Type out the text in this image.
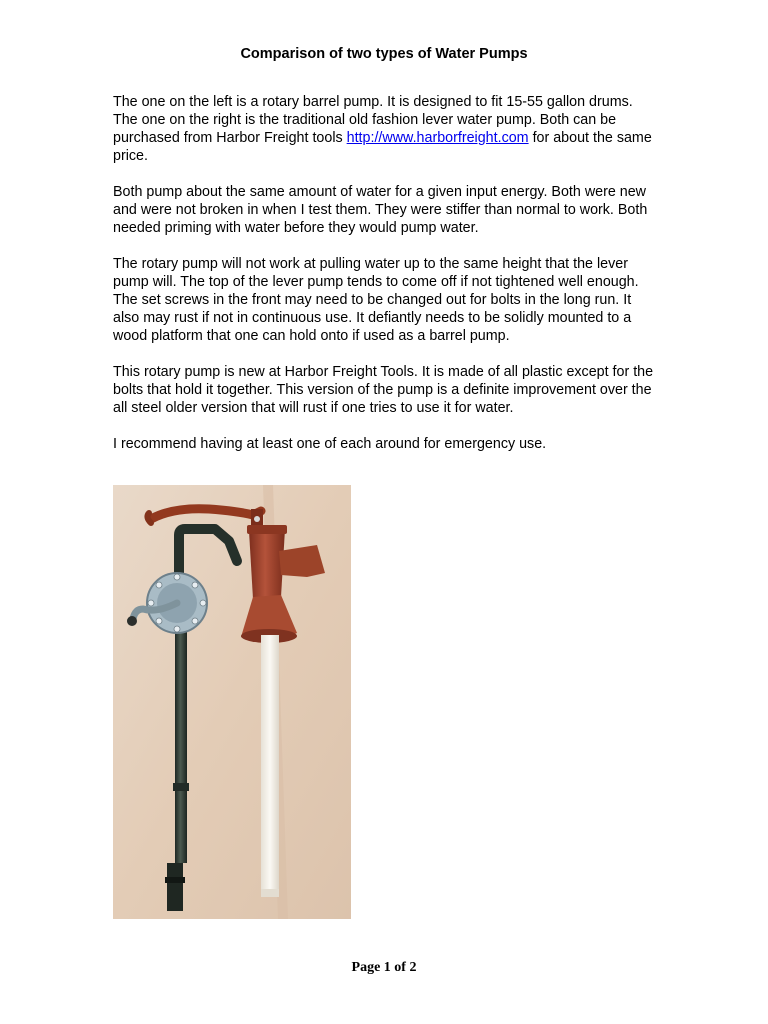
Comparison of two types of Water Pumps

The one on the left is a rotary barrel pump. It is designed to fit 15-55 gallon drums. The one on the right is the traditional old fashion lever water pump. Both can be purchased from Harbor Freight tools http://www.harborfreight.com for about the same price.

Both pump about the same amount of water for a given input energy. Both were new and were not broken in when I test them. They were stiffer than normal to work. Both needed priming with water before they would pump water.

The rotary pump will not work at pulling water up to the same height that the lever pump will. The top of the lever pump tends to come off if not tightened well enough. The set screws in the front may need to be changed out for bolts in the long run. It also may rust if not in continuous use. It defiantly needs to be solidly mounted to a wood platform that one can hold onto if used as a barrel pump.

This rotary pump is new at Harbor Freight Tools. It is made of all plastic except for the bolts that hold it together. This version of the pump is a definite improvement over the all steel older version that will rust if one tries to use it for water.

I recommend having at least one of each around for emergency use.

Page 1 of 2
